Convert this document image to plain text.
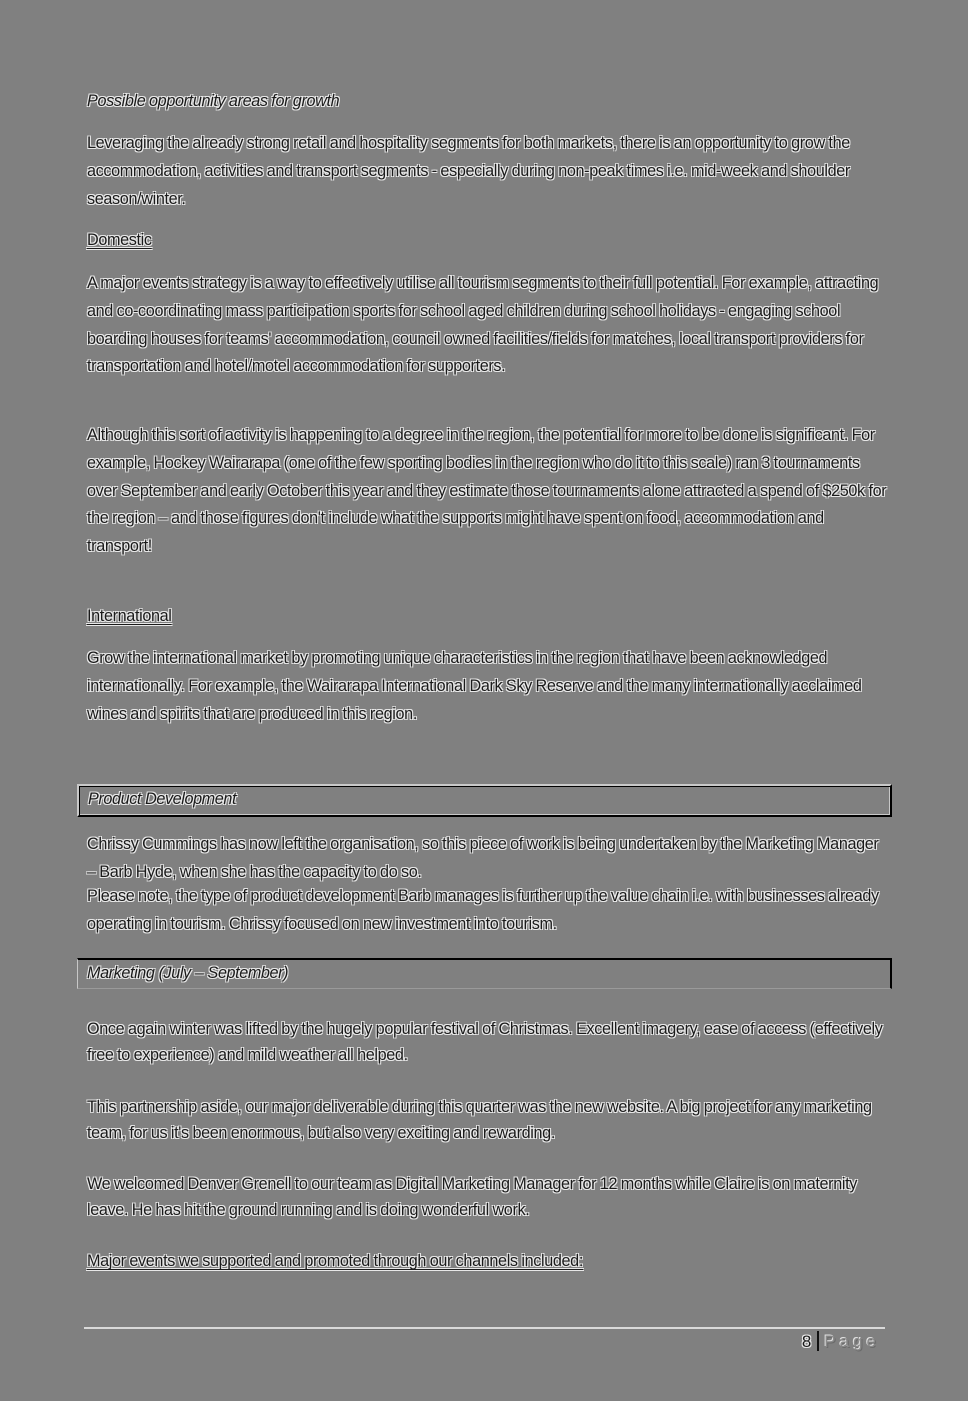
Possible opportunity areas for growth

Leveraging the already strong retail and hospitality segments for both markets, there is an opportunity to grow the accommodation, activities and transport segments - especially during non-peak times i.e. mid-week and shoulder season/winter.

Domestic

A major events strategy is a way to effectively utilise all tourism segments to their full potential. For example, attracting and co-coordinating mass participation sports for school aged children during school holidays - engaging school boarding houses for teams' accommodation, council owned facilities/fields for matches, local transport providers for transportation and hotel/motel accommodation for supporters.

Although this sort of activity is happening to a degree in the region, the potential for more to be done is significant. For example, Hockey Wairarapa (one of the few sporting bodies in the region who do it to this scale) ran 3 tournaments over September and early October this year and they estimate those tournaments alone attracted a spend of $250k for the region – and those figures don't include what the supports might have spent on food, accommodation and transport!

International

Grow the international market by promoting unique characteristics in the region that have been acknowledged internationally. For example, the Wairarapa International Dark Sky Reserve and the many internationally acclaimed wines and spirits that are produced in this region.

Product Development

Chrissy Cummings has now left the organisation, so this piece of work is being undertaken by the Marketing Manager – Barb Hyde, when she has the capacity to do so.

Please note, the type of product development Barb manages is further up the value chain i.e. with businesses already operating in tourism. Chrissy focused on new investment into tourism.

Marketing (July – September)

Once again winter was lifted by the hugely popular festival of Christmas. Excellent imagery, ease of access (effectively free to experience) and mild weather all helped.

This partnership aside, our major deliverable during this quarter was the new website. A big project for any marketing team, for us it's been enormous, but also very exciting and rewarding.

We welcomed Denver Grenell to our team as Digital Marketing Manager for 12 months while Claire is on maternity leave. He has hit the ground running and is doing wonderful work.

Major events we supported and promoted through our channels included:

8 Page
